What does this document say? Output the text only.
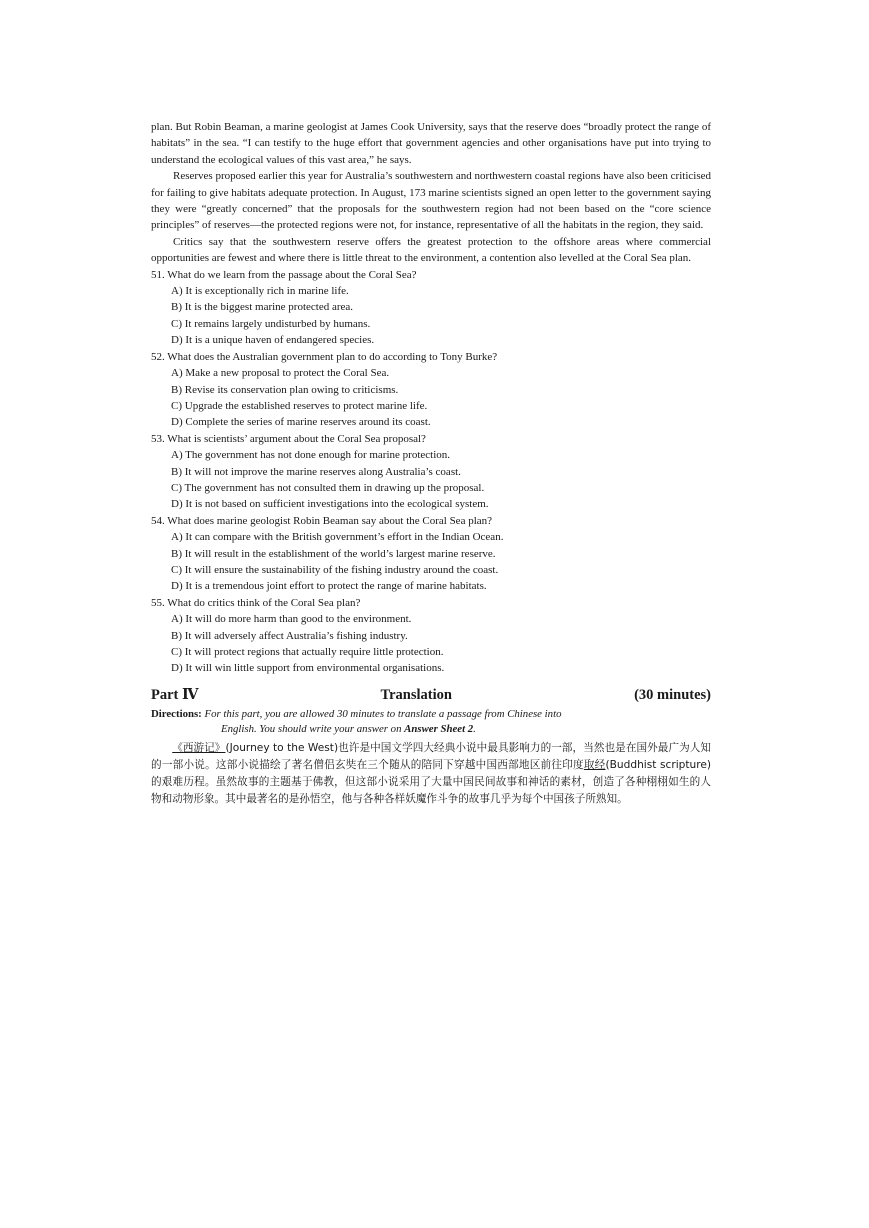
plan. But Robin Beaman, a marine geologist at James Cook University, says that the reserve does “broadly protect the range of habitats” in the sea. “I can testify to the huge effort that government agencies and other organisations have put into trying to understand the ecological values of this vast area,” he says.

Reserves proposed earlier this year for Australia’s southwestern and northwestern coastal regions have also been criticised for failing to give habitats adequate protection. In August, 173 marine scientists signed an open letter to the government saying they were “greatly concerned” that the proposals for the southwestern region had not been based on the “core science principles” of reserves—the protected regions were not, for instance, representative of all the habitats in the region, they said.

Critics say that the southwestern reserve offers the greatest protection to the offshore areas where commercial opportunities are fewest and where there is little threat to the environment, a contention also levelled at the Coral Sea plan.

51. What do we learn from the passage about the Coral Sea?

A) It is exceptionally rich in marine life.
B) It is the biggest marine protected area.
C) It remains largely undisturbed by humans.
D) It is a unique haven of endangered species.

52. What does the Australian government plan to do according to Tony Burke?

A) Make a new proposal to protect the Coral Sea.
B) Revise its conservation plan owing to criticisms.
C) Upgrade the established reserves to protect marine life.
D) Complete the series of marine reserves around its coast.

53. What is scientists’ argument about the Coral Sea proposal?

A) The government has not done enough for marine protection.
B) It will not improve the marine reserves along Australia’s coast.
C) The government has not consulted them in drawing up the proposal.
D) It is not based on sufficient investigations into the ecological system.

54. What does marine geologist Robin Beaman say about the Coral Sea plan?

A) It can compare with the British government’s effort in the Indian Ocean.
B) It will result in the establishment of the world’s largest marine reserve.
C) It will ensure the sustainability of the fishing industry around the coast.
D) It is a tremendous joint effort to protect the range of marine habitats.

55. What do critics think of the Coral Sea plan?

A) It will do more harm than good to the environment.
B) It will adversely affect Australia’s fishing industry.
C) It will protect regions that actually require little protection.
D) It will win little support from environmental organisations.
Part Ⅳ	Translation	(30 minutes)

Directions: For this part, you are allowed 30 minutes to translate a passage from Chinese into
English. You should write your answer on Answer Sheet 2.

《西游记》(Journey to the West)也许是中国文学四大经典小说中最具影响力的一部，当然也是在国外最广为人知的一部小说。这部小说描绘了著名僧侣玄奘在三个随从的陪同下穿越中国西部地区前往印度取经(Buddhist scripture)的艰难历程。虽然故事的主题基于佛教，但这部小说采用了大量中国民间故事和神话的素材，创造了各种栩栩如生的人物和动物形象。其中最著名的是孙悟空，他与各种各样妖魔作斗争的故事几乎为每个中国孩子所熟知。
